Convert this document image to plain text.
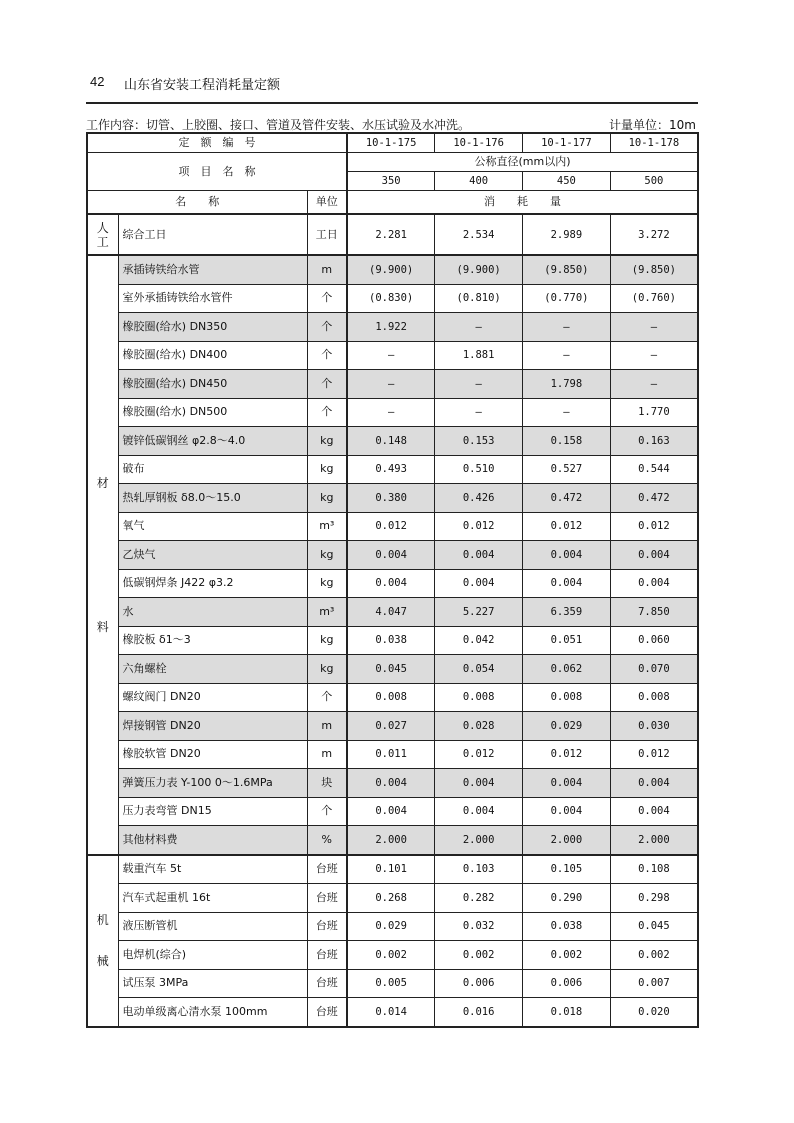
42 山东省安装工程消耗量定额
工作内容：切管、上胶圈、接口、管道及管件安装、水压试验及水冲洗。	计量单位：10m
定　额　编　号			10-1-175	10-1-176	10-1-177	10-1-178
项　目　名　称			公称直径(mm以内)			
			350	400	450	500
名　　称		单位	消　　耗　　量			
人工	综合工日	工日	2.281	2.534	2.989	3.272
材料	承插铸铁给水管	m	(9.900)	(9.900)	(9.850)	(9.850)
	室外承插铸铁给水管件	个	(0.830)	(0.810)	(0.770)	(0.760)
	橡胶圈(给水) DN350	个	1.922	—	—	—
	橡胶圈(给水) DN400	个	—	1.881	—	—
	橡胶圈(给水) DN450	个	—	—	1.798	—
	橡胶圈(给水) DN500	个	—	—	—	1.770
	镀锌低碳钢丝 φ2.8～4.0	kg	0.148	0.153	0.158	0.163
	破布	kg	0.493	0.510	0.527	0.544
	热轧厚钢板 δ8.0～15.0	kg	0.380	0.426	0.472	0.472
	氧气	m³	0.012	0.012	0.012	0.012
	乙炔气	kg	0.004	0.004	0.004	0.004
	低碳钢焊条 J422 φ3.2	kg	0.004	0.004	0.004	0.004
	水	m³	4.047	5.227	6.359	7.850
	橡胶板 δ1～3	kg	0.038	0.042	0.051	0.060
	六角螺栓	kg	0.045	0.054	0.062	0.070
	螺纹阀门 DN20	个	0.008	0.008	0.008	0.008
	焊接钢管 DN20	m	0.027	0.028	0.029	0.030
	橡胶软管 DN20	m	0.011	0.012	0.012	0.012
	弹簧压力表 Y-100 0～1.6MPa	块	0.004	0.004	0.004	0.004
	压力表弯管 DN15	个	0.004	0.004	0.004	0.004
	其他材料费	%	2.000	2.000	2.000	2.000
机械	载重汽车 5t	台班	0.101	0.103	0.105	0.108
	汽车式起重机 16t	台班	0.268	0.282	0.290	0.298
	液压断管机	台班	0.029	0.032	0.038	0.045
	电焊机(综合)	台班	0.002	0.002	0.002	0.002
	试压泵 3MPa	台班	0.005	0.006	0.006	0.007
	电动单级离心清水泵 100mm	台班	0.014	0.016	0.018	0.020
